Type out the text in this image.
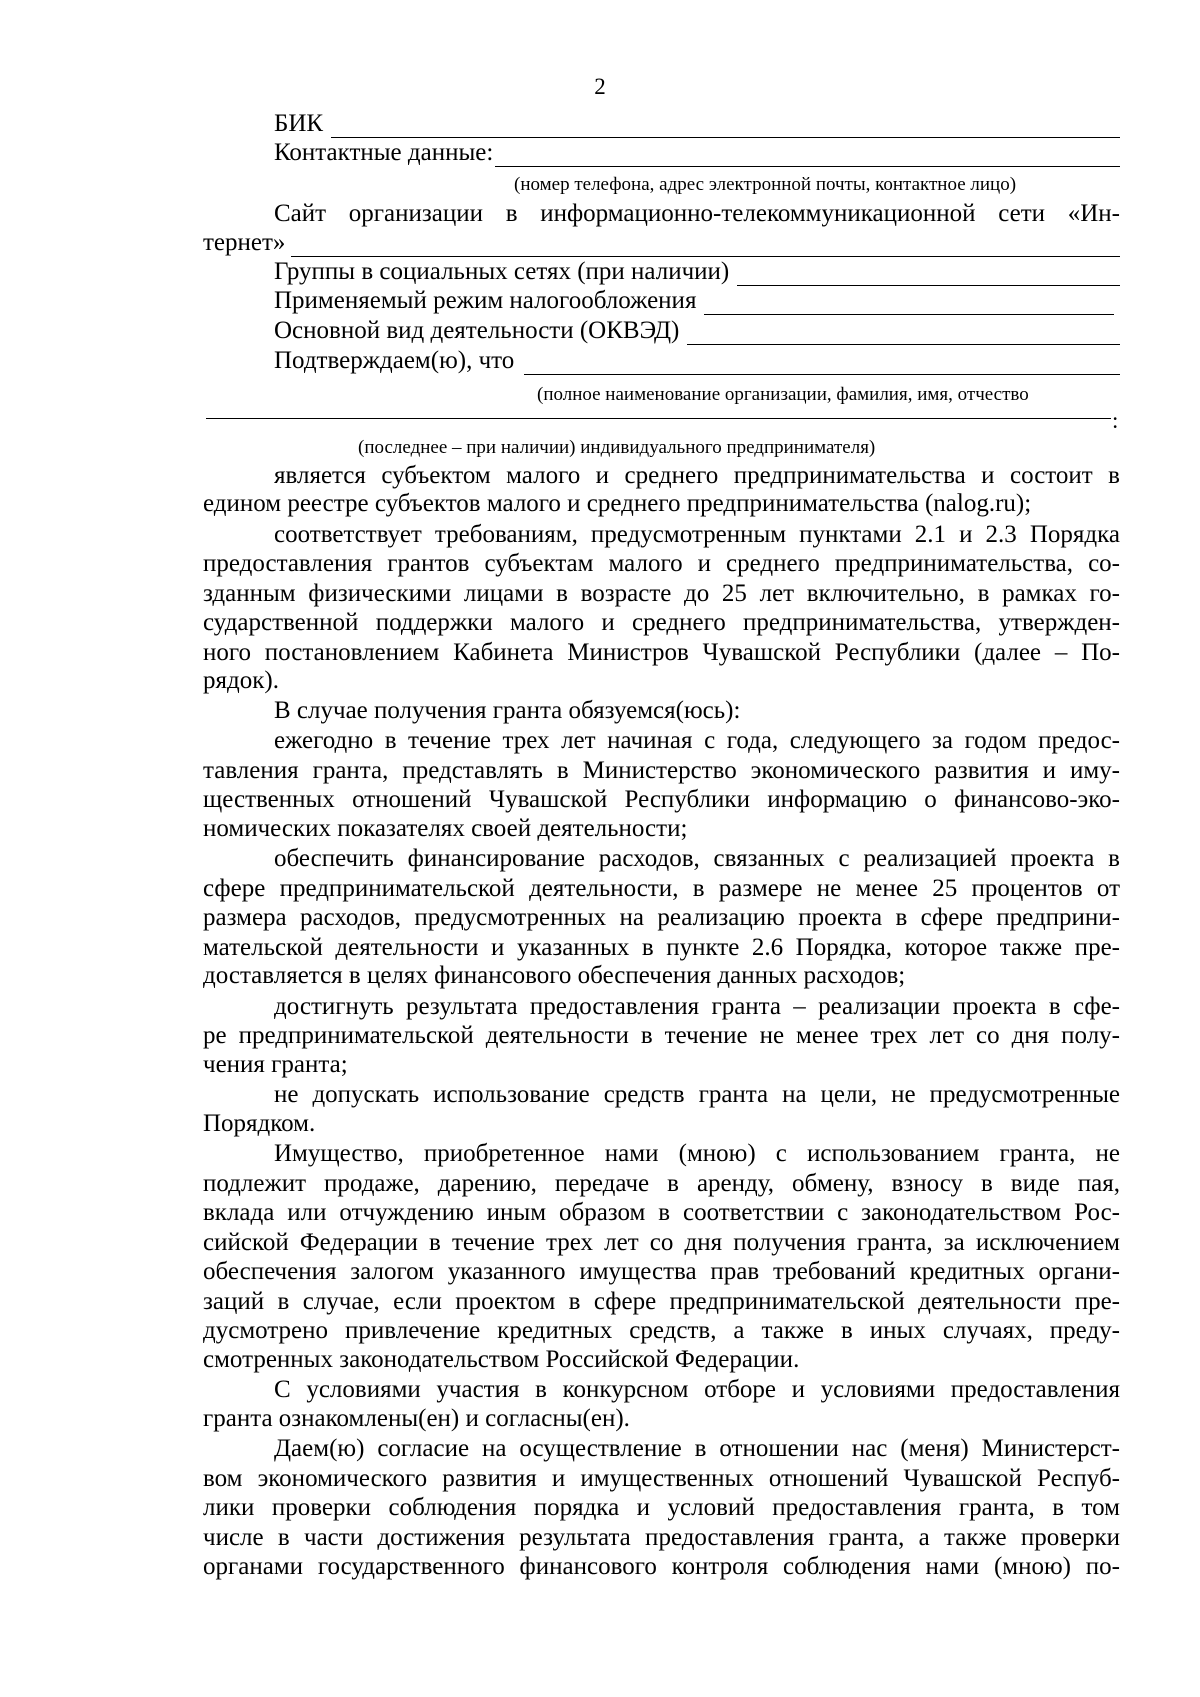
2
БИК
Контактные данные:
(номер телефона, адрес электронной почты, контактное лицо)
Сайт организации в информационно-телекоммуникационной сети «Ин-
тернет»
Группы в социальных сетях (при наличии)
Применяемый режим налогообложения
Основной вид деятельности (ОКВЭД)
Подтверждаем(ю), что
(полное наименование организации, фамилия, имя, отчество
:
(последнее – при наличии) индивидуального предпринимателя)
является субъектом малого и среднего предпринимательства и состоит в
едином реестре субъектов малого и среднего предпринимательства (nalog.ru);
соответствует требованиям, предусмотренным пунктами 2.1 и 2.3 Порядка
предоставления грантов субъектам малого и среднего предпринимательства, со-
зданным физическими лицами в возрасте до 25 лет включительно, в рамках го-
сударственной поддержки малого и среднего предпринимательства, утвержден-
ного постановлением Кабинета Министров Чувашской Республики (далее – По-
рядок).
В случае получения гранта обязуемся(юсь):
ежегодно в течение трех лет начиная с года, следующего за годом предос-
тавления гранта, представлять в Министерство экономического развития и иму-
щественных отношений Чувашской Республики информацию о финансово-эко-
номических показателях своей деятельности;
обеспечить финансирование расходов, связанных с реализацией проекта в
сфере предпринимательской деятельности, в размере не менее 25 процентов от
размера расходов, предусмотренных на реализацию проекта в сфере предприни-
мательской деятельности и указанных в пункте 2.6 Порядка, которое также пре-
доставляется в целях финансового обеспечения данных расходов;
достигнуть результата предоставления гранта – реализации проекта в сфе-
ре предпринимательской деятельности в течение не менее трех лет со дня полу-
чения гранта;
не допускать использование средств гранта на цели, не предусмотренные
Порядком.
Имущество, приобретенное нами (мною) с использованием гранта, не
подлежит продаже, дарению, передаче в аренду, обмену, взносу в виде пая,
вклада или отчуждению иным образом в соответствии с законодательством Рос-
сийской Федерации в течение трех лет со дня получения гранта, за исключением
обеспечения залогом указанного имущества прав требований кредитных органи-
заций в случае, если проектом в сфере предпринимательской деятельности пре-
дусмотрено привлечение кредитных средств, а также в иных случаях, преду-
смотренных законодательством Российской Федерации.
С условиями участия в конкурсном отборе и условиями предоставления
гранта ознакомлены(ен) и согласны(ен).
Даем(ю) согласие на осуществление в отношении нас (меня) Министерст-
вом экономического развития и имущественных отношений Чувашской Респуб-
лики проверки соблюдения порядка и условий предоставления гранта, в том
числе в части достижения результата предоставления гранта, а также проверки
органами государственного финансового контроля соблюдения нами (мною) по-
